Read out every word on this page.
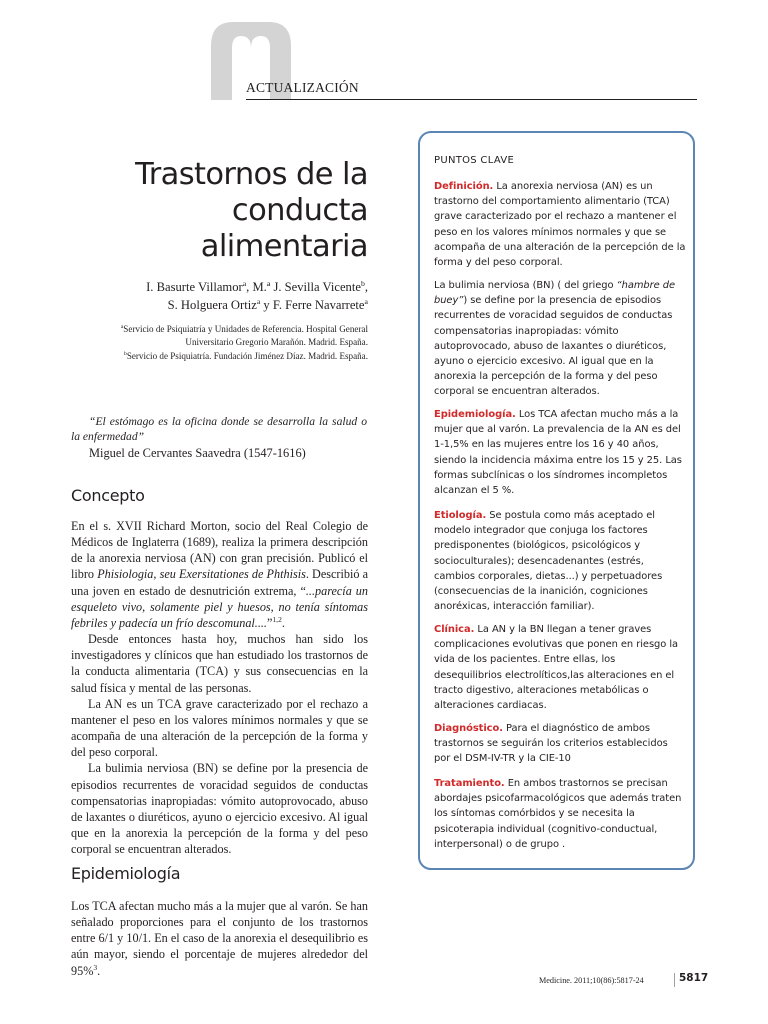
ACTUALIZACIÓN
Trastornos de la conducta alimentaria
I. Basurte Villamor$^a$, M.ª J. Sevilla Vicente$^b$,
S. Holguera Ortiz$^a$ y F. Ferre Navarrete$^a$
$^a$Servicio de Psiquiatría y Unidades de Referencia. Hospital General Universitario Gregorio Marañón. Madrid. España.
$^b$Servicio de Psiquiatría. Fundación Jiménez Díaz. Madrid. España.
“El estómago es la oficina donde se desarrolla la salud o la enfermedad”
Miguel de Cervantes Saavedra (1547-1616)
Concepto

En el s. XVII Richard Morton, socio del Real Colegio de Médicos de Inglaterra (1689), realiza la primera descripción de la anorexia nerviosa (AN) con gran precisión. Publicó el libro Phisiologia, seu Exersitationes de Phthisis. Describió a una joven en estado de desnutrición extrema, “...parecía un esqueleto vivo, solamente piel y huesos, no tenía síntomas febriles y padecía un frío descomunal....”$^{1,2}$.

Desde entonces hasta hoy, muchos han sido los investigadores y clínicos que han estudiado los trastornos de la conducta alimentaria (TCA) y sus consecuencias en la salud física y mental de las personas.

La AN es un TCA grave caracterizado por el rechazo a mantener el peso en los valores mínimos normales y que se acompaña de una alteración de la percepción de la forma y del peso corporal.

La bulimia nerviosa (BN) se define por la presencia de episodios recurrentes de voracidad seguidos de conductas compensatorias inapropiadas: vómito autoprovocado, abuso de laxantes o diuréticos, ayuno o ejercicio excesivo. Al igual que en la anorexia la percepción de la forma y del peso corporal se encuentran alterados.

Epidemiología

Los TCA afectan mucho más a la mujer que al varón. Se han señalado proporciones para el conjunto de los trastornos entre 6/1 y 10/1. En el caso de la anorexia el desequilibrio es aún mayor, siendo el porcentaje de mujeres alrededor del 95%$^3$.

PUNTOS CLAVE
Definición. La anorexia nerviosa (AN) es un trastorno del comportamiento alimentario (TCA) grave caracterizado por el rechazo a mantener el peso en los valores mínimos normales y que se acompaña de una alteración de la percepción de la forma y del peso corporal.
La bulimia nerviosa (BN) ( del griego “hambre de buey”) se define por la presencia de episodios recurrentes de voracidad seguidos de conductas compensatorias inapropiadas: vómito autoprovocado, abuso de laxantes o diuréticos, ayuno o ejercicio excesivo. Al igual que en la anorexia la percepción de la forma y del peso corporal se encuentran alterados.
Epidemiología. Los TCA afectan mucho más a la mujer que al varón. La prevalencia de la AN es del 1-1,5% en las mujeres entre los 16 y 40 años, siendo la incidencia máxima entre los 15 y 25. Las formas subclínicas o los síndromes incompletos alcanzan el 5 %.
Etiología. Se postula como más aceptado el modelo integrador que conjuga los factores predisponentes (biológicos, psicológicos y socioculturales); desencadenantes (estrés, cambios corporales, dietas...) y perpetuadores (consecuencias de la inanición, cogniciones anoréxicas, interacción familiar).
Clínica. La AN y la BN llegan a tener graves complicaciones evolutivas que ponen en riesgo la vida de los pacientes. Entre ellas, los desequilibrios electrolíticos,las alteraciones en el tracto digestivo, alteraciones metabólicas o alteraciones cardiacas.
Diagnóstico. Para el diagnóstico de ambos trastornos se seguirán los criterios establecidos por el DSM-IV-TR y la CIE-10
Tratamiento. En ambos trastornos se precisan abordajes psicofarmacológicos que además traten los síntomas comórbidos y se necesita la psicoterapia individual (cognitivo-conductual, interpersonal) o de grupo .
Medicine. 2011;10(86):5817-24	5817
